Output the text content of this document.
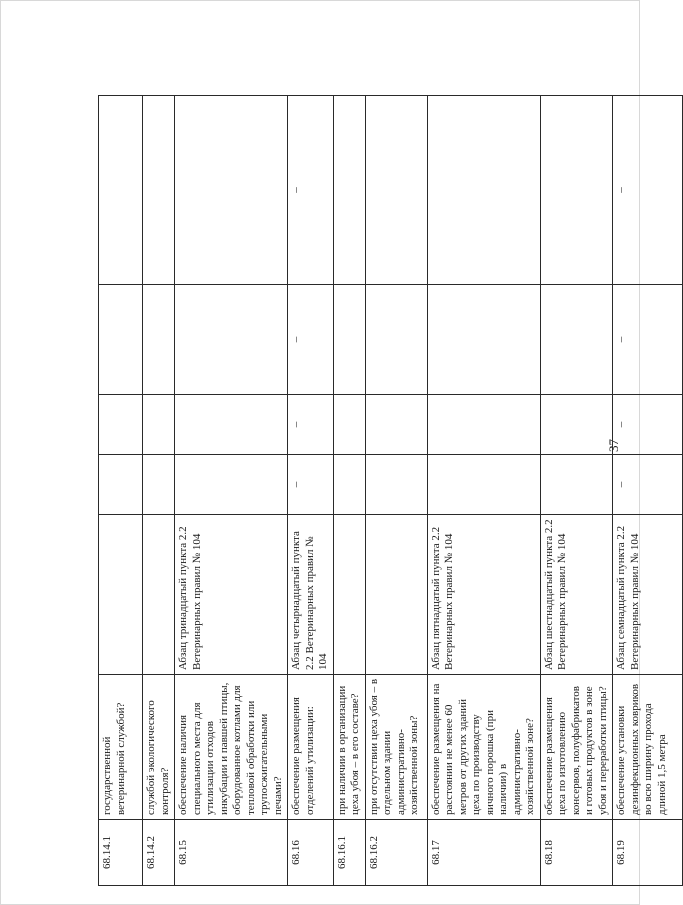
37
68.14.1	государственной ветеринарной службой?					
68.14.2	службой экологического контроля?					
68.15	обеспечение наличия специального места для утилизации отходов инкубации и павшей птицы, оборудованное котлами для тепловой обработки или трупосжигательными печами?	Абзац тринадцатый пункта 2.2 Ветеринарных правил № 104				
68.16	обеспечение размещения отделений утилизации:	Абзац четырнадцатый пункта 2.2 Ветеринарных правил № 104	–	–	–	–
68.16.1	при наличии в организации цеха убоя – в его составе?					
68.16.2	при отсутствии цеха убоя – в отдельном здании административно-хозяйственной зоны?					
68.17	обеспечение размещения на расстоянии не менее 60 метров от других зданий цеха по производству яичного порошка (при наличии) в административно-хозяйственной зоне?	Абзац пятнадцатый пункта 2.2 Ветеринарных правил № 104				
68.18	обеспечение размещения цеха по изготовлению консервов, полуфабрикатов и готовых продуктов в зоне убоя и переработки птицы?	Абзац шестнадцатый пункта 2.2 Ветеринарных правил № 104				
68.19	обеспечение установки дезинфекционных ковриков во всю ширину прохода длиной 1,5 метра	Абзац семнадцатый пункта 2.2 Ветеринарных правил № 104	–	–	–	–
